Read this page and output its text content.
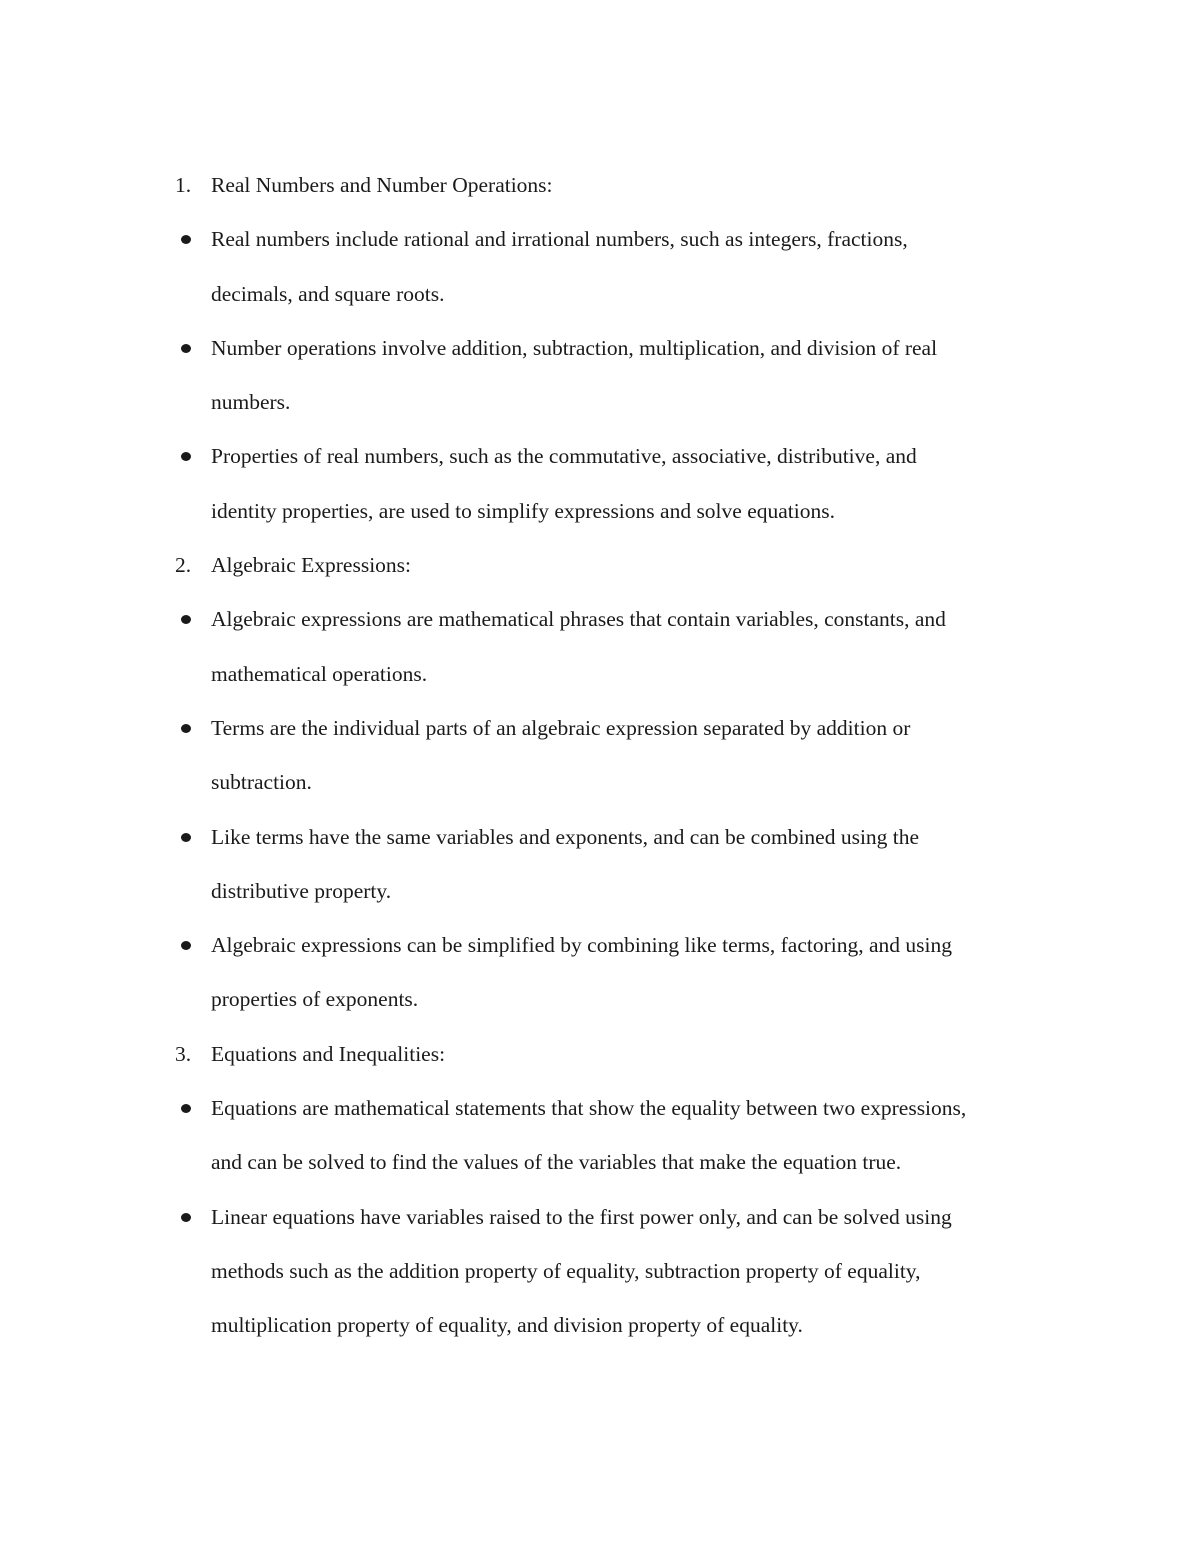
1. Real Numbers and Number Operations:
Real numbers include rational and irrational numbers, such as integers, fractions,
decimals, and square roots.
Number operations involve addition, subtraction, multiplication, and division of real
numbers.
Properties of real numbers, such as the commutative, associative, distributive, and
identity properties, are used to simplify expressions and solve equations.
2. Algebraic Expressions:
Algebraic expressions are mathematical phrases that contain variables, constants, and
mathematical operations.
Terms are the individual parts of an algebraic expression separated by addition or
subtraction.
Like terms have the same variables and exponents, and can be combined using the
distributive property.
Algebraic expressions can be simplified by combining like terms, factoring, and using
properties of exponents.
3. Equations and Inequalities:
Equations are mathematical statements that show the equality between two expressions,
and can be solved to find the values of the variables that make the equation true.
Linear equations have variables raised to the first power only, and can be solved using
methods such as the addition property of equality, subtraction property of equality,
multiplication property of equality, and division property of equality.
